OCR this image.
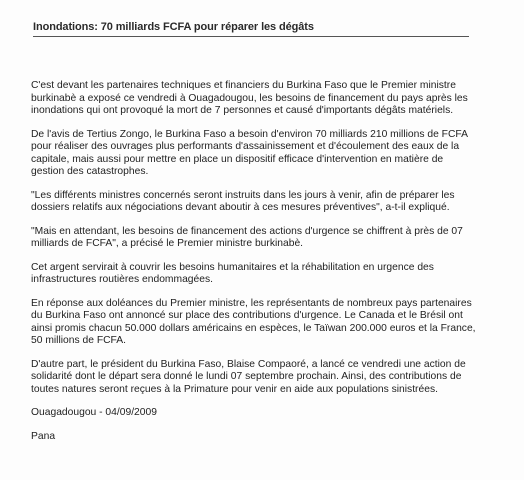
Inondations: 70 milliards FCFA pour réparer les dégâts

C'est devant les partenaires techniques et financiers du Burkina Faso que le Premier ministre burkinabè a exposé ce vendredi à Ouagadougou, les besoins de financement du pays après les inondations qui ont provoqué la mort de 7 personnes et causé d'importants dégâts matériels.

De l'avis de Tertius Zongo, le Burkina Faso a besoin d'environ 70 milliards 210 millions de FCFA pour réaliser des ouvrages plus performants d'assainissement et d'écoulement des eaux de la capitale, mais aussi pour mettre en place un dispositif efficace d'intervention en matière de gestion des catastrophes.

"Les différents ministres concernés seront instruits dans les jours à venir, afin de préparer les dossiers relatifs aux négociations devant aboutir à ces mesures préventives", a-t-il expliqué.

"Mais en attendant, les besoins de financement des actions d'urgence se chiffrent à près de 07 milliards de FCFA", a précisé le Premier ministre burkinabè.

Cet argent servirait à couvrir les besoins humanitaires et la réhabilitation en urgence des infrastructures routières endommagées.

En réponse aux doléances du Premier ministre, les représentants de nombreux pays partenaires du Burkina Faso ont annoncé sur place des contributions d'urgence. Le Canada et le Brésil ont ainsi promis chacun 50.000 dollars américains en espèces, le Taïwan 200.000 euros et la France, 50 millions de FCFA.

D'autre part, le président du Burkina Faso, Blaise Compaoré, a lancé ce vendredi une action de solidarité dont le départ sera donné le lundi 07 septembre prochain. Ainsi, des contributions de toutes natures seront reçues à la Primature pour venir en aide aux populations sinistrées.

Ouagadougou - 04/09/2009

Pana
